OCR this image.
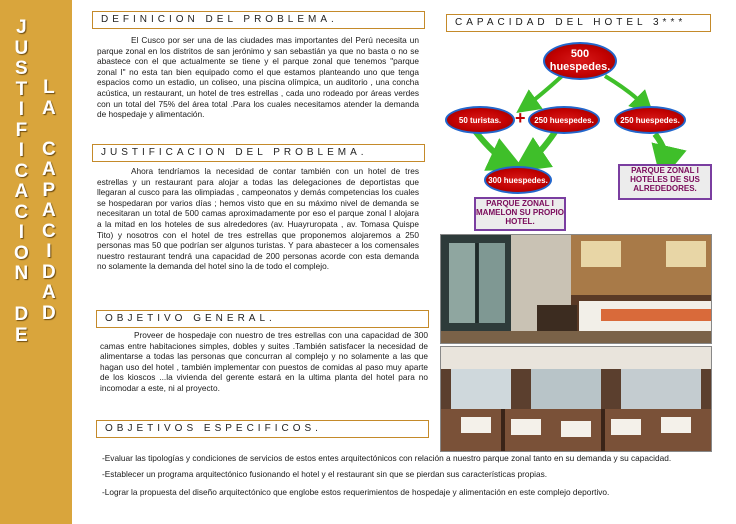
J
U
S
T
I
F
I
C
A
C
I
O
N

D
E
L
A

C
A
P
A
C
I
D
A
D
DEFINICION DEL PROBLEMA.
El Cusco por ser una de las ciudades mas importantes del Perú necesita un parque zonal en los distritos de san jerónimo y san sebastián ya que no basta o no se abastece con el que actualmente se tiene y el parque zonal que tenemos "parque zonal I" no esta tan bien equipado como el que estamos planteando uno que tenga espacios como un estadio, un coliseo, una piscina olímpica, un auditorio , una concha acústica, un restaurant, un hotel de tres estrellas , cada uno rodeado por áreas verdes con un total del 75% del área total .Para los cuales necesitamos atender la demanda de hospedaje y alimentación.
JUSTIFICACION DEL PROBLEMA.
Ahora tendríamos la necesidad de contar también con un hotel de tres estrellas y un restaurant para alojar a todas las delegaciones de deportistas que llegaran al cusco para las olimpiadas , campeonatos y demás competencias los cuales se hospedaran por varios días ; hemos visto que en su máximo nivel de demanda se necesitaran un total de 500 camas aproximadamente por eso el parque zonal I alojara a la mitad en los hoteles de sus alrededores (av. Huayruropata , av. Tomasa Quispe Tito) y nosotros con el hotel de tres estrellas que proponemos alojaremos a 250 personas mas 50 que podrían ser algunos turistas. Y para abastecer a los comensales nuestro restaurant tendrá una capacidad de 200 personas acorde con esta demanda no solamente la demanda del hotel sino la de todo el complejo.
OBJETIVO GENERAL.
Proveer de hospedaje con nuestro de tres estrellas con una capacidad de 300 camas entre habitaciones simples, dobles y suites .También satisfacer la necesidad de alimentarse a todas las personas que concurran al complejo y no solamente a las que hagan uso del hotel , también implementar con puestos de comidas al paso muy aparte de los kioscos ...la vivienda del gerente estará en la ultima planta del hotel para no incomodar a este, ni al proyecto.
OBJETIVOS ESPECIFICOS.
-Evaluar las tipologías y condiciones de servicios de estos entes arquitectónicos con relación a nuestro parque zonal tanto en su demanda y su capacidad.
-Establecer un programa arquitectónico fusionando el hotel y el restaurant sin que se pierdan sus características propias.
-Lograr la propuesta del diseño arquitectónico que englobe estos requerimientos de hospedaje y alimentación en este complejo deportivo.
CAPACIDAD DEL HOTEL 3***
500 huespedes.
50 turistas. + 250 huespedes.	250 huespedes.
300 huespedes.
PARQUE ZONAL I MAMELON SU PROPIO HOTEL.
PARQUE ZONAL I HOTELES DE SUS ALREDEDORES.
